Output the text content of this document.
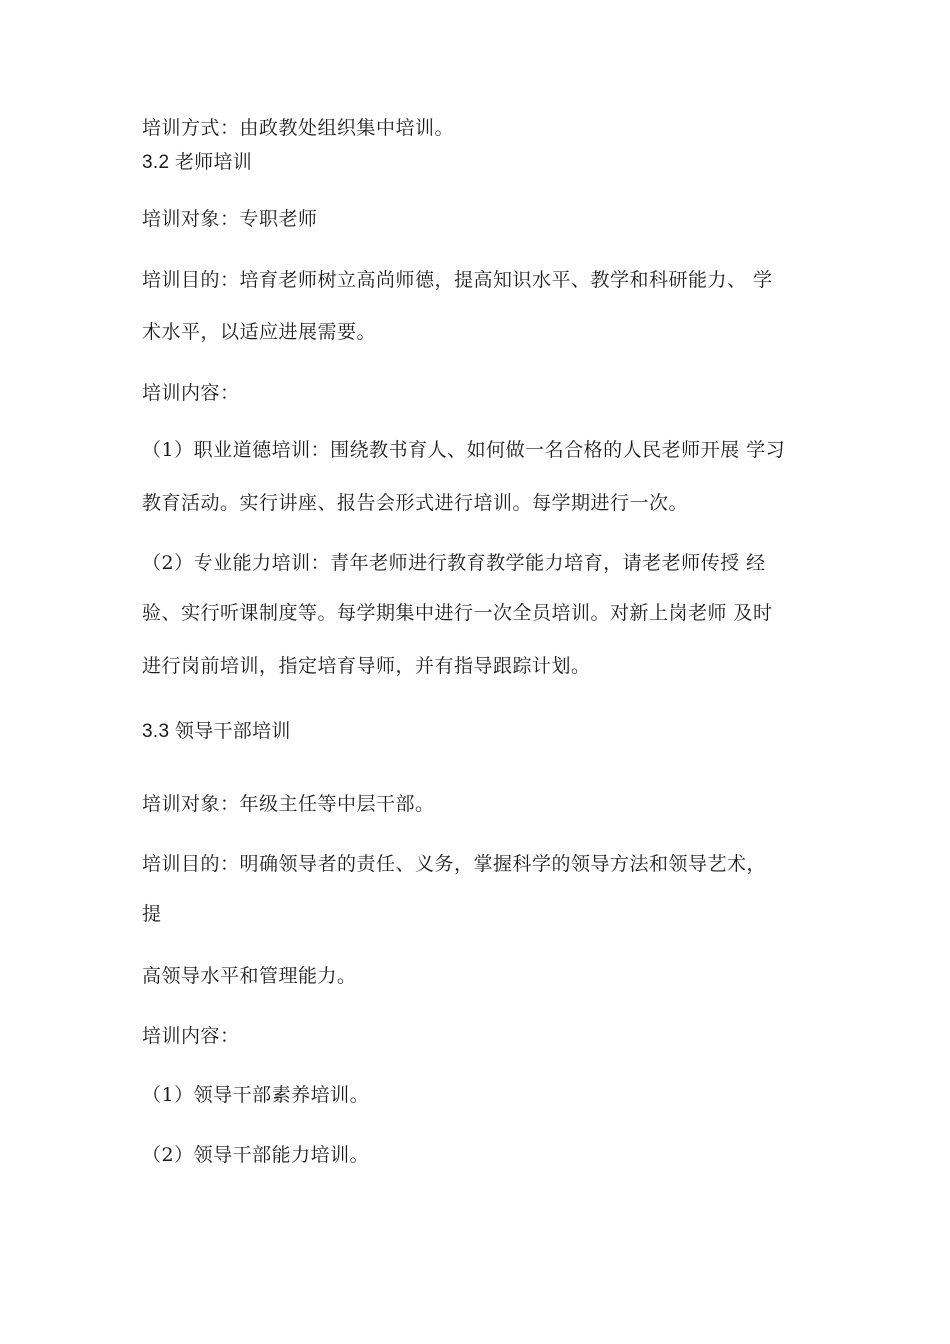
培训方式：由政教处组织集中培训。

3.2 老师培训

培训对象：专职老师

培训目的：培育老师树立高尚师德，提高知识水平、教学和科研能力、 学

术水平，以适应进展需要。

培训内容：

（1）职业道德培训：围绕教书育人、如何做一名合格的人民老师开展 学习

教育活动。实行讲座、报告会形式进行培训。每学期进行一次。

（2）专业能力培训：青年老师进行教育教学能力培育，请老老师传授 经

验、实行听课制度等。每学期集中进行一次全员培训。对新上岗老师 及时

进行岗前培训，指定培育导师，并有指导跟踪计划。

3.3 领导干部培训

培训对象：年级主任等中层干部。

培训目的：明确领导者的责任、义务，掌握科学的领导方法和领导艺术，

提

高领导水平和管理能力。

培训内容：

（1）领导干部素养培训。

（2）领导干部能力培训。
